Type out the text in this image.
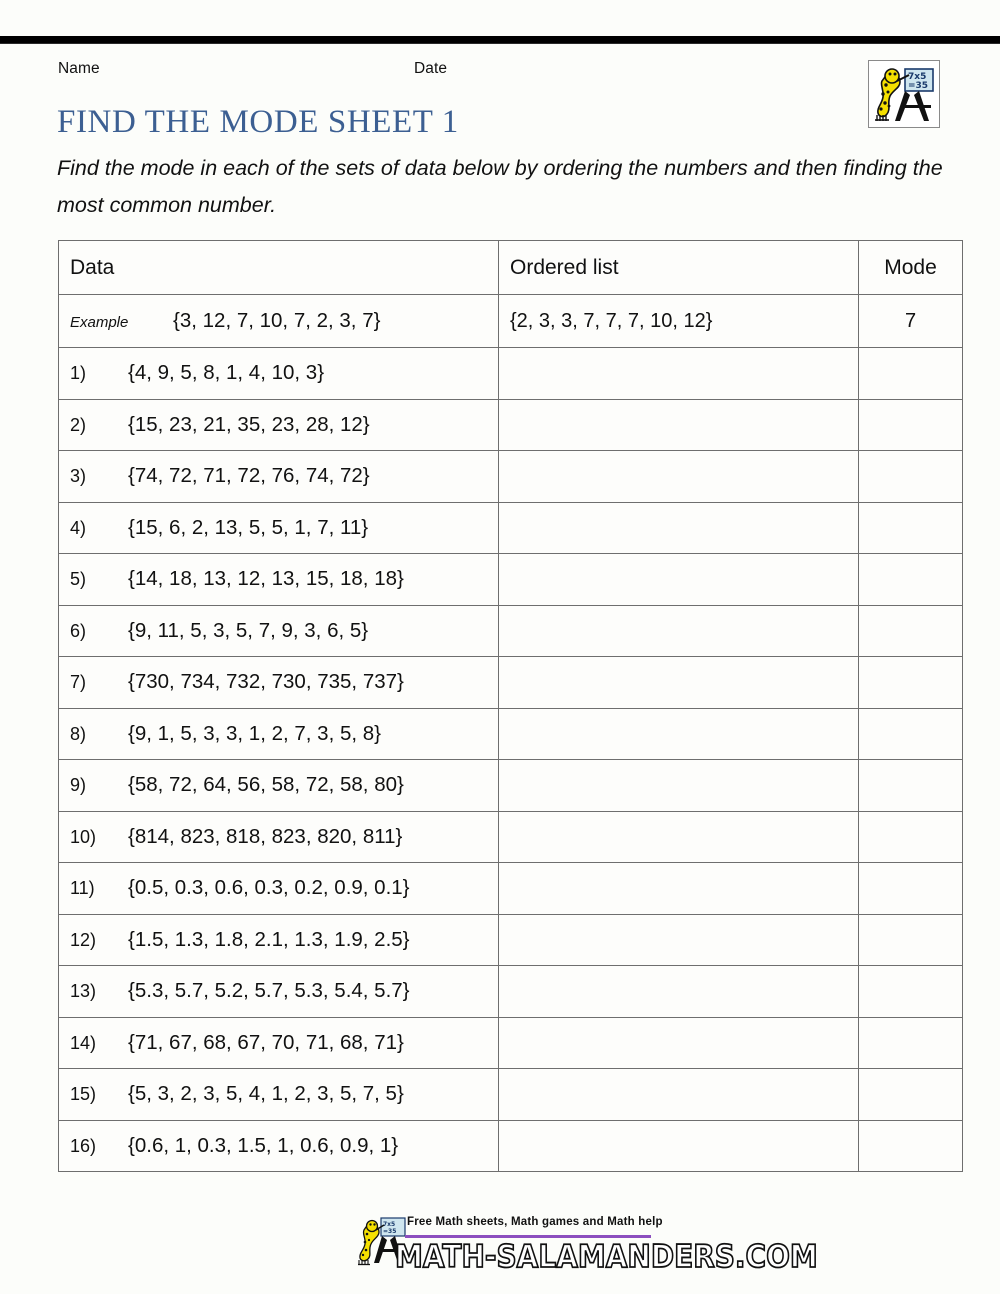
Name	Date	7x5
=35
FIND THE MODE SHEET 1
Find the mode in each of the sets of data below by ordering the numbers and then finding the most common number.
Data	Ordered list	Mode
Example {3, 12, 7, 10, 7, 2, 3, 7}	{2, 3, 3, 7, 7, 7, 10, 12}	7
1) {4, 9, 5, 8, 1, 4, 10, 3}		
2) {15, 23, 21, 35, 23, 28, 12}		
3) {74, 72, 71, 72, 76, 74, 72}		
4) {15, 6, 2, 13, 5, 5, 1, 7, 11}		
5) {14, 18, 13, 12, 13, 15, 18, 18}		
6) {9, 11, 5, 3, 5, 7, 9, 3, 6, 5}		
7) {730, 734, 732, 730, 735, 737}		
8) {9, 1, 5, 3, 3, 1, 2, 7, 3, 5, 8}		
9) {58, 72, 64, 56, 58, 72, 58, 80}		
10) {814, 823, 818, 823, 820, 811}		
11) {0.5, 0.3, 0.6, 0.3, 0.2, 0.9, 0.1}		
12) {1.5, 1.3, 1.8, 2.1, 1.3, 1.9, 2.5}		
13) {5.3, 5.7, 5.2, 5.7, 5.3, 5.4, 5.7}		
14) {71, 67, 68, 67, 70, 71, 68, 71}		
15) {5, 3, 2, 3, 5, 4, 1, 2, 3, 5, 7, 5}		
16) {0.6, 1, 0.3, 1.5, 1, 0.6, 0.9, 1}		
7x5
=35
Free Math sheets, Math games and Math help
MATH-SALAMANDERS.COM
